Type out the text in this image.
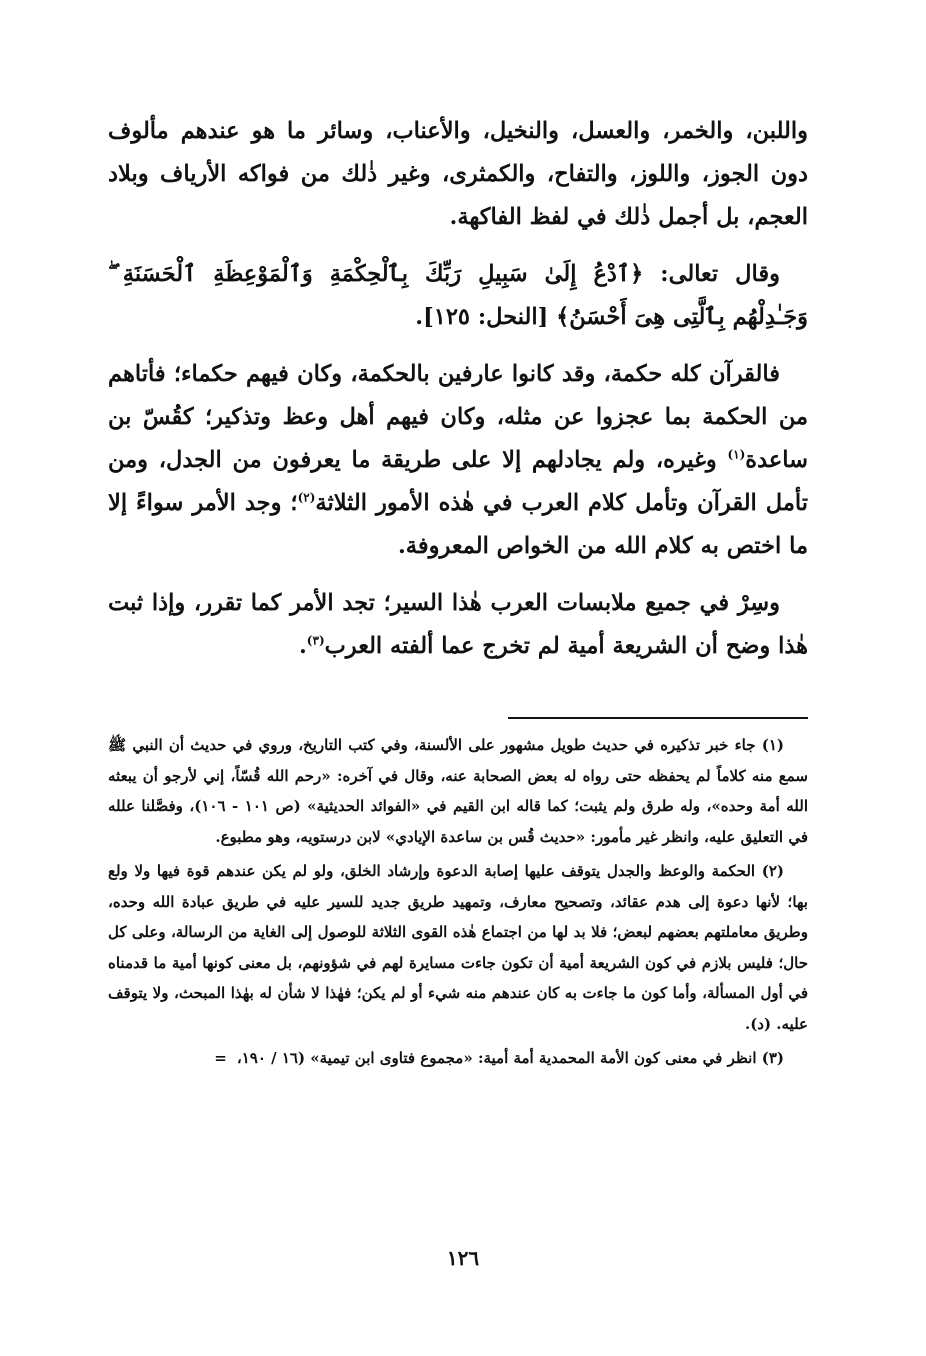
واللبن، والخمر، والعسل، والنخيل، والأعناب، وسائر ما هو عندهم مألوف دون الجوز، واللوز، والتفاح، والكمثرى، وغير ذٰلك من فواكه الأرياف وبلاد العجم، بل أجمل ذٰلك في لفظ الفاكهة.

وقال تعالى: ﴿ٱدْعُ إِلَىٰ سَبِيلِ رَبِّكَ بِٱلْحِكْمَةِ وَٱلْمَوْعِظَةِ ٱلْحَسَنَةِ ۖ وَجَـٰدِلْهُم بِٱلَّتِى هِىَ أَحْسَنُ﴾ [النحل: ١٢٥].

فالقرآن كله حكمة، وقد كانوا عارفين بالحكمة، وكان فيهم حكماء؛ فأتاهم من الحكمة بما عجزوا عن مثله، وكان فيهم أهل وعظ وتذكير؛ كقُسّ بن ساعدة$^{(١)}$ وغيره، ولم يجادلهم إلا على طريقة ما يعرفون من الجدل، ومن تأمل القرآن وتأمل كلام العرب في هٰذه الأمور الثلاثة$^{(٢)}$؛ وجد الأمر سواءً إلا ما اختص به كلام الله من الخواص المعروفة.

وسِرْ في جميع ملابسات العرب هٰذا السير؛ تجد الأمر كما تقرر، وإذا ثبت هٰذا وضح أن الشريعة أمية لم تخرج عما ألفته العرب$^{(٣)}$.

(١) جاء خبر تذكيره في حديث طويل مشهور على الألسنة، وفي كتب التاريخ، وروي في حديث أن النبي ﷺ سمع منه كلاماً لم يحفظه حتى رواه له بعض الصحابة عنه، وقال في آخره: «رحم الله قُسّاً، إني لأرجو أن يبعثه الله أمة وحده»، وله طرق ولم يثبت؛ كما قاله ابن القيم في «الفوائد الحديثية» (ص ١٠١ - ١٠٦)، وفصَّلنا علله في التعليق عليه، وانظر غير مأمور: «حديث قُس بن ساعدة الإيادي» لابن درستويه، وهو مطبوع.

(٢) الحكمة والوعظ والجدل يتوقف عليها إصابة الدعوة وإرشاد الخلق، ولو لم يكن عندهم قوة فيها ولا ولع بها؛ لأنها دعوة إلى هدم عقائد، وتصحيح معارف، وتمهيد طريق جديد للسير عليه في طريق عبادة الله وحده، وطريق معاملتهم بعضهم لبعض؛ فلا بد لها من اجتماع هٰذه القوى الثلاثة للوصول إلى الغاية من الرسالة، وعلى كل حال؛ فليس بلازم في كون الشريعة أمية أن تكون جاءت مسايرة لهم في شؤونهم، بل معنى كونها أمية ما قدمناه في أول المسألة، وأما كون ما جاءت به كان عندهم منه شيء أو لم يكن؛ فهٰذا لا شأن له بهٰذا المبحث، ولا يتوقف عليه. (د).

(٣) انظر في معنى كون الأمة المحمدية أمة أمية: «مجموع فتاوى ابن تيمية» (١٦ / ١٩٠،=

١٢٦
